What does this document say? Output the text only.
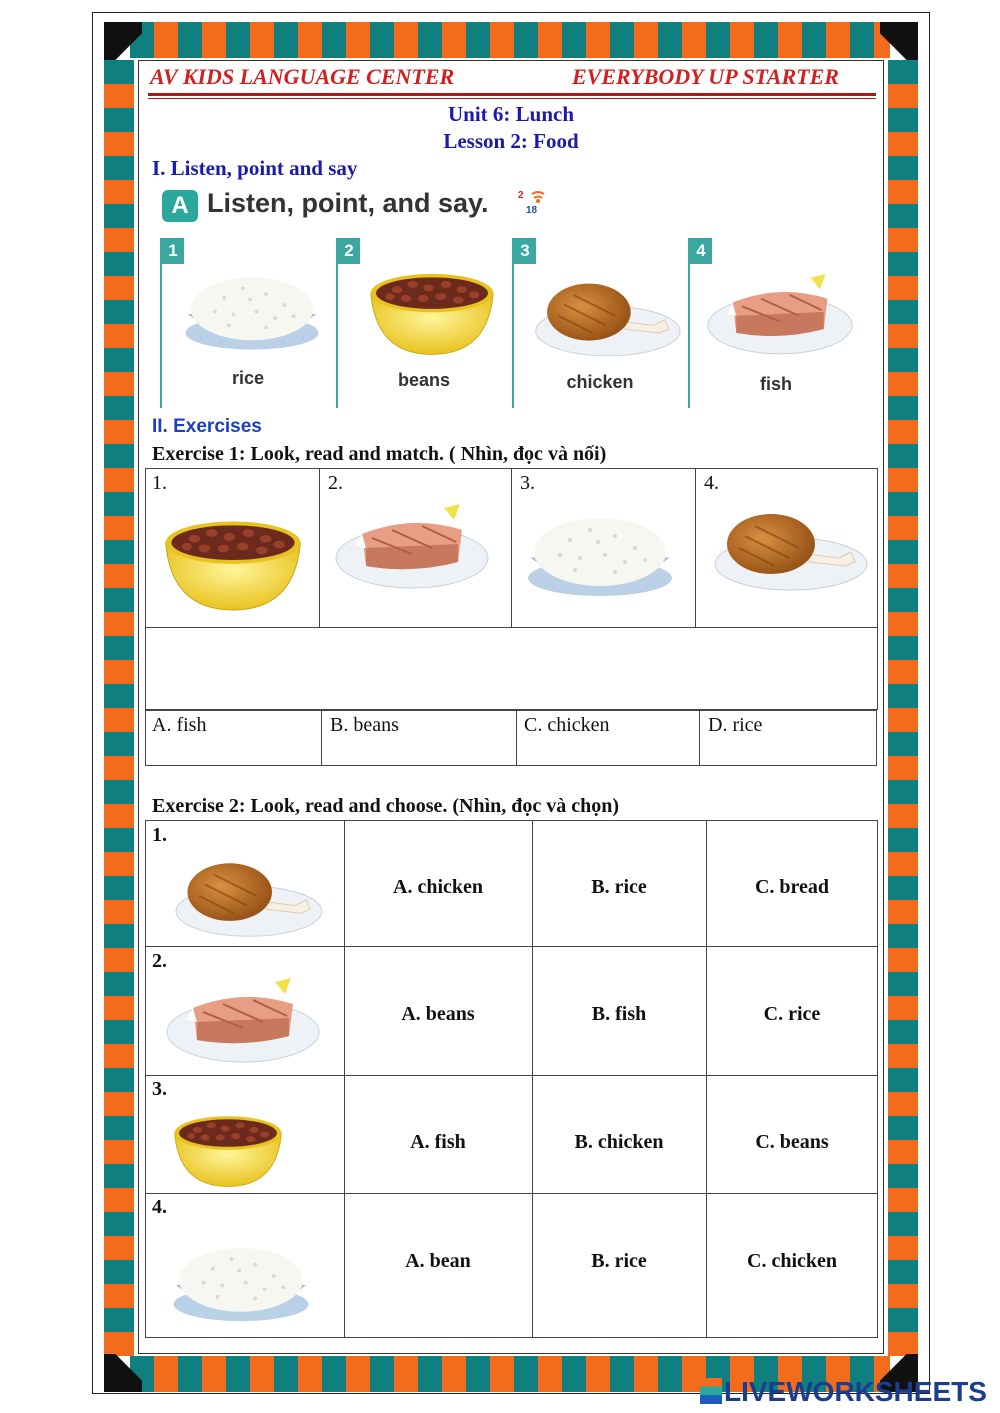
AV KIDS LANGUAGE CENTER	EVERYBODY UP STARTER
Unit 6: Lunch
Lesson 2: Food
I. Listen, point and say
A Listen, point, and say.	2
18
1
rice
2
beans
3
chicken
4
fish
II. Exercises
Exercise 1: Look, read and match. ( Nhìn, đọc và nối)
1.	2.	3.	4.
A. fish	B. beans	C. chicken	D. rice
Exercise 2: Look, read and choose. (Nhìn, đọc và chọn)
1.
A. chicken	B. rice	C. bread
2.
A. beans	B. fish	C. rice
3.
A. fish	B. chicken	C. beans
4.
A. bean	B. rice	C. chicken
LIVEWORKSHEETS
